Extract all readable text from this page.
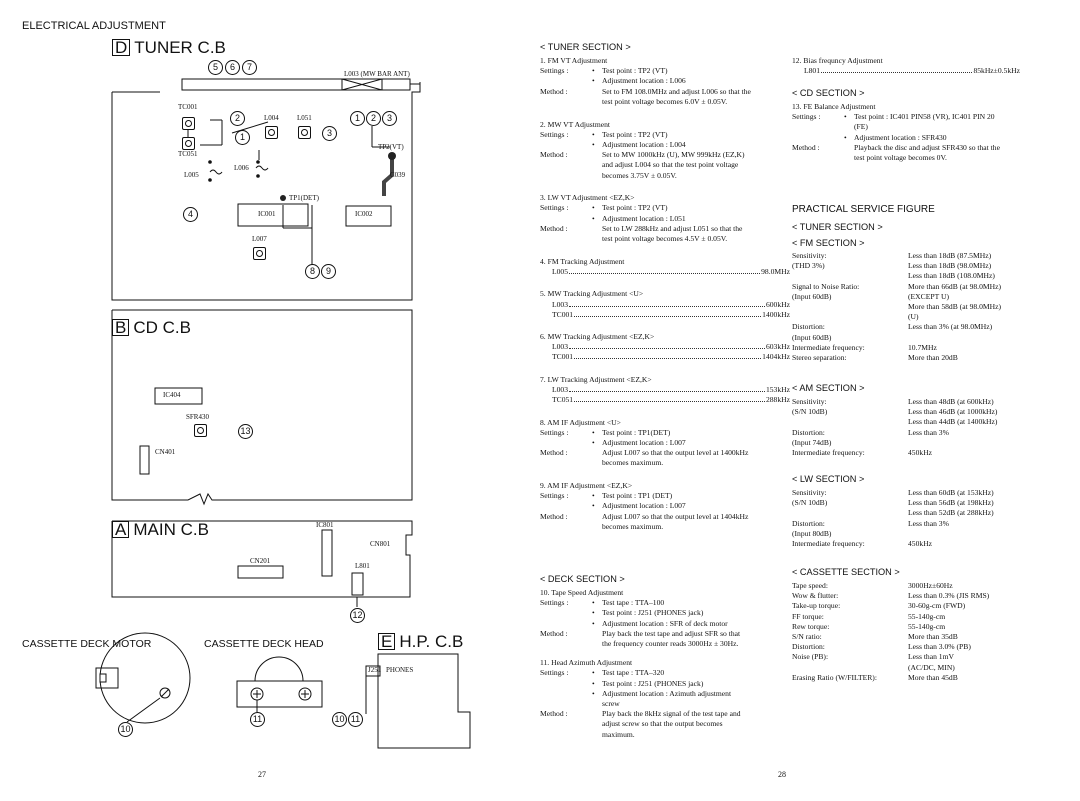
ELECTRICAL ADJUSTMENT
D TUNER C.B
L003 (MW BAR ANT)
5	6	7
TC001
TC051
2
1
L004	L051
3
1	2	3
TP2(VT)
L006
L005	C039
TP1(DET)
4	IC001	IC002
L007
8	9
B CD C.B
IC404
SFR430
13
CN401
A MAIN C.B	IC801
CN801
CN201
L801
12
CASSETTE DECK MOTOR	CASSETTE DECK HEAD	E H.P. C.B
10
11	10 11
J251 PHONES
27
< TUNER SECTION >
1. FM VT Adjustment
Settings :	• Test point : TP2 (VT)
• Adjustment location : L006
Method :	Set to FM 108.0MHz and adjust L006 so that the
test point voltage becomes 6.0V ± 0.05V.
2. MW VT Adjustment
Settings :	• Test point : TP2 (VT)
• Adjustment location : L004
Method :	Set to MW 1000kHz (U), MW 999kHz (EZ,K)
and adjust L004 so that the test point voltage
becomes 3.75V ± 0.05V.
3. LW VT Adjustment <EZ,K>
Settings :	• Test point : TP2 (VT)
• Adjustment location : L051
Method :	Set to LW 288kHz and adjust L051 so that the
test point voltage becomes 4.5V ± 0.05V.
4. FM Tracking Adjustment
L005	98.0MHz
5. MW Tracking Adjustment <U>
L003	600kHz
TC001	1400kHz
6. MW Tracking Adjustment <EZ,K>
L003	603kHz
TC001	1404kHz
7. LW Tracking Adjustment <EZ,K>
L003	153kHz
TC051	288kHz
8. AM IF Adjustment <U>
Settings :	• Test point : TP1(DET)
• Adjustment location : L007
Method :	Adjust L007 so that the output level at 1400kHz
becomes maximum.
9. AM IF Adjustment <EZ,K>
Settings :	• Test point : TP1 (DET)
• Adjustment location : L007
Method :	Adjust L007 so that the output level at 1404kHz
becomes maximum.
< DECK SECTION >
10. Tape Speed Adjustment
Settings :	• Test tape : TTA–100
• Test point : J251 (PHONES jack)
• Adjustment location : SFR of deck motor
Method :	Play back the test tape and adjust SFR so that
the frequency counter reads 3000Hz ± 30Hz.
11. Head Azimuth Adjustment
Settings :	• Test tape : TTA–320
• Test point : J251 (PHONES jack)
• Adjustment location : Azimuth adjustment
screw
Method :	Play back the 8kHz signal of the test tape and
adjust screw so that the output becomes
maximum.
12. Bias frequncy Adjustment
L801	85kHz±0.5kHz
< CD SECTION >
13. FE Balance Adjustment
Settings :	• Test point : IC401 PIN58 (VR), IC401 PIN 20
(FE)
• Adjustment location : SFR430
Method :	Playback the disc and adjust SFR430 so that the
test point voltage becomes 0V.
PRACTICAL SERVICE FIGURE
< TUNER SECTION >
< FM SECTION >
Sensitivity:	Less than 18dB (87.5MHz)
(THD 3%)	Less than 18dB (98.0MHz)
Less than 18dB (108.0MHz)
Signal to Noise Ratio:	More than 66dB (at 98.0MHz)
(Input 60dB)	(EXCEPT U)
More than 58dB (at 98.0MHz)
(U)
Distortion:	Less than 3% (at 98.0MHz)
(Input 60dB)
Intermediate frequency:	10.7MHz
Stereo separation:	More than 20dB
< AM SECTION >
Sensitivity:	Less than 48dB (at 600kHz)
(S/N 10dB)	Less than 46dB (at 1000kHz)
Less than 44dB (at 1400kHz)
Distortion:	Less than 3%
(Input 74dB)
Intermediate frequency:	450kHz
< LW SECTION >
Sensitivity:	Less than 60dB (at 153kHz)
(S/N 10dB)	Less than 56dB (at 198kHz)
Less than 52dB (at 288kHz)
Distortion:	Less than 3%
(Input 80dB)
Intermediate frequency:	450kHz
< CASSETTE SECTION >
Tape speed:	3000Hz±60Hz
Wow & flutter:	Less than 0.3% (JIS RMS)
Take-up torque:	30-60g-cm (FWD)
FF torque:	55-140g-cm
Rew torque:	55-140g-cm
S/N ratio:	More than 35dB
Distortion:	Less than 3.0% (PB)
Noise (PB):	Less than 1mV
(AC/DC, MIN)
Erasing Ratio (W/FILTER):	More than 45dB
28
